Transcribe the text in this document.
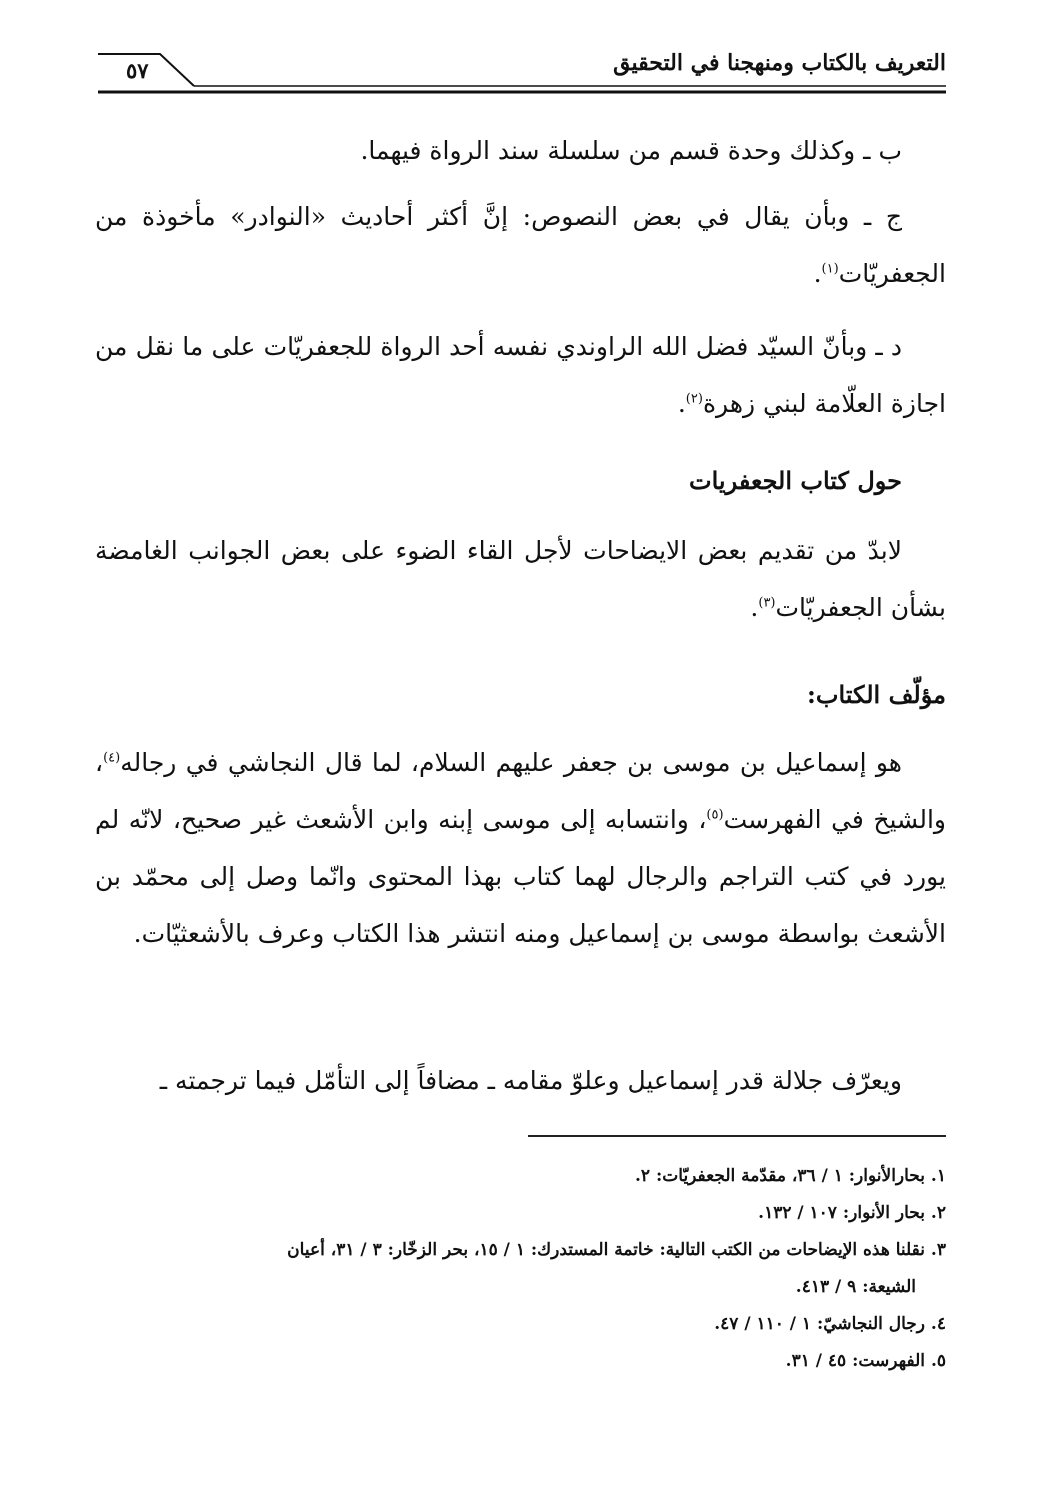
التعريف بالكتاب ومنهجنا في التحقيق
٥٧

ب ـ وكذلك وحدة قسم من سلسلة سند الرواة فيهما.

ج ـ وبأن يقال في بعض النصوص: إنَّ أكثر أحاديث «النوادر» مأخوذة من الجعفريّات$^{(١)}$.

د ـ وبأنّ السيّد فضل الله الراوندي نفسه أحد الرواة للجعفريّات على ما نقل من اجازة العلّامة لبني زهرة$^{(٢)}$.

حول كتاب الجعفريات

لابدّ من تقديم بعض الايضاحات لأجل القاء الضوء على بعض الجوانب الغامضة بشأن الجعفريّات$^{(٣)}$.

مؤلّف الكتاب:

هو إسماعيل بن موسى بن جعفر عليهم السلام، لما قال النجاشي في رجاله$^{(٤)}$، والشيخ في الفهرست$^{(٥)}$، وانتسابه إلى موسى إبنه وابن الأشعث غير صحيح، لانّه لم يورد في كتب التراجم والرجال لهما كتاب بهذا المحتوى وانّما وصل إلى محمّد بن الأشعث بواسطة موسى بن إسماعيل ومنه انتشر هذا الكتاب وعرف بالأشعثيّات.

ويعرّف جلالة قدر إسماعيل وعلوّ مقامه ـ مضافاً إلى التأمّل فيما ترجمته ـ

١. بحارالأنوار: ١ / ٣٦، مقدّمة الجعفريّات: ٢.

٢. بحار الأنوار: ١٠٧ / ١٣٢.

٣. نقلنا هذه الإيضاحات من الكتب التالية: خاتمة المستدرك: ١ / ١٥، بحر الزخّار: ٣ / ٣١، أعيان

الشيعة: ٩ / ٤١٣.

٤. رجال النجاشيّ: ١ / ١١٠ / ٤٧.

٥. الفهرست: ٤٥ / ٣١.
